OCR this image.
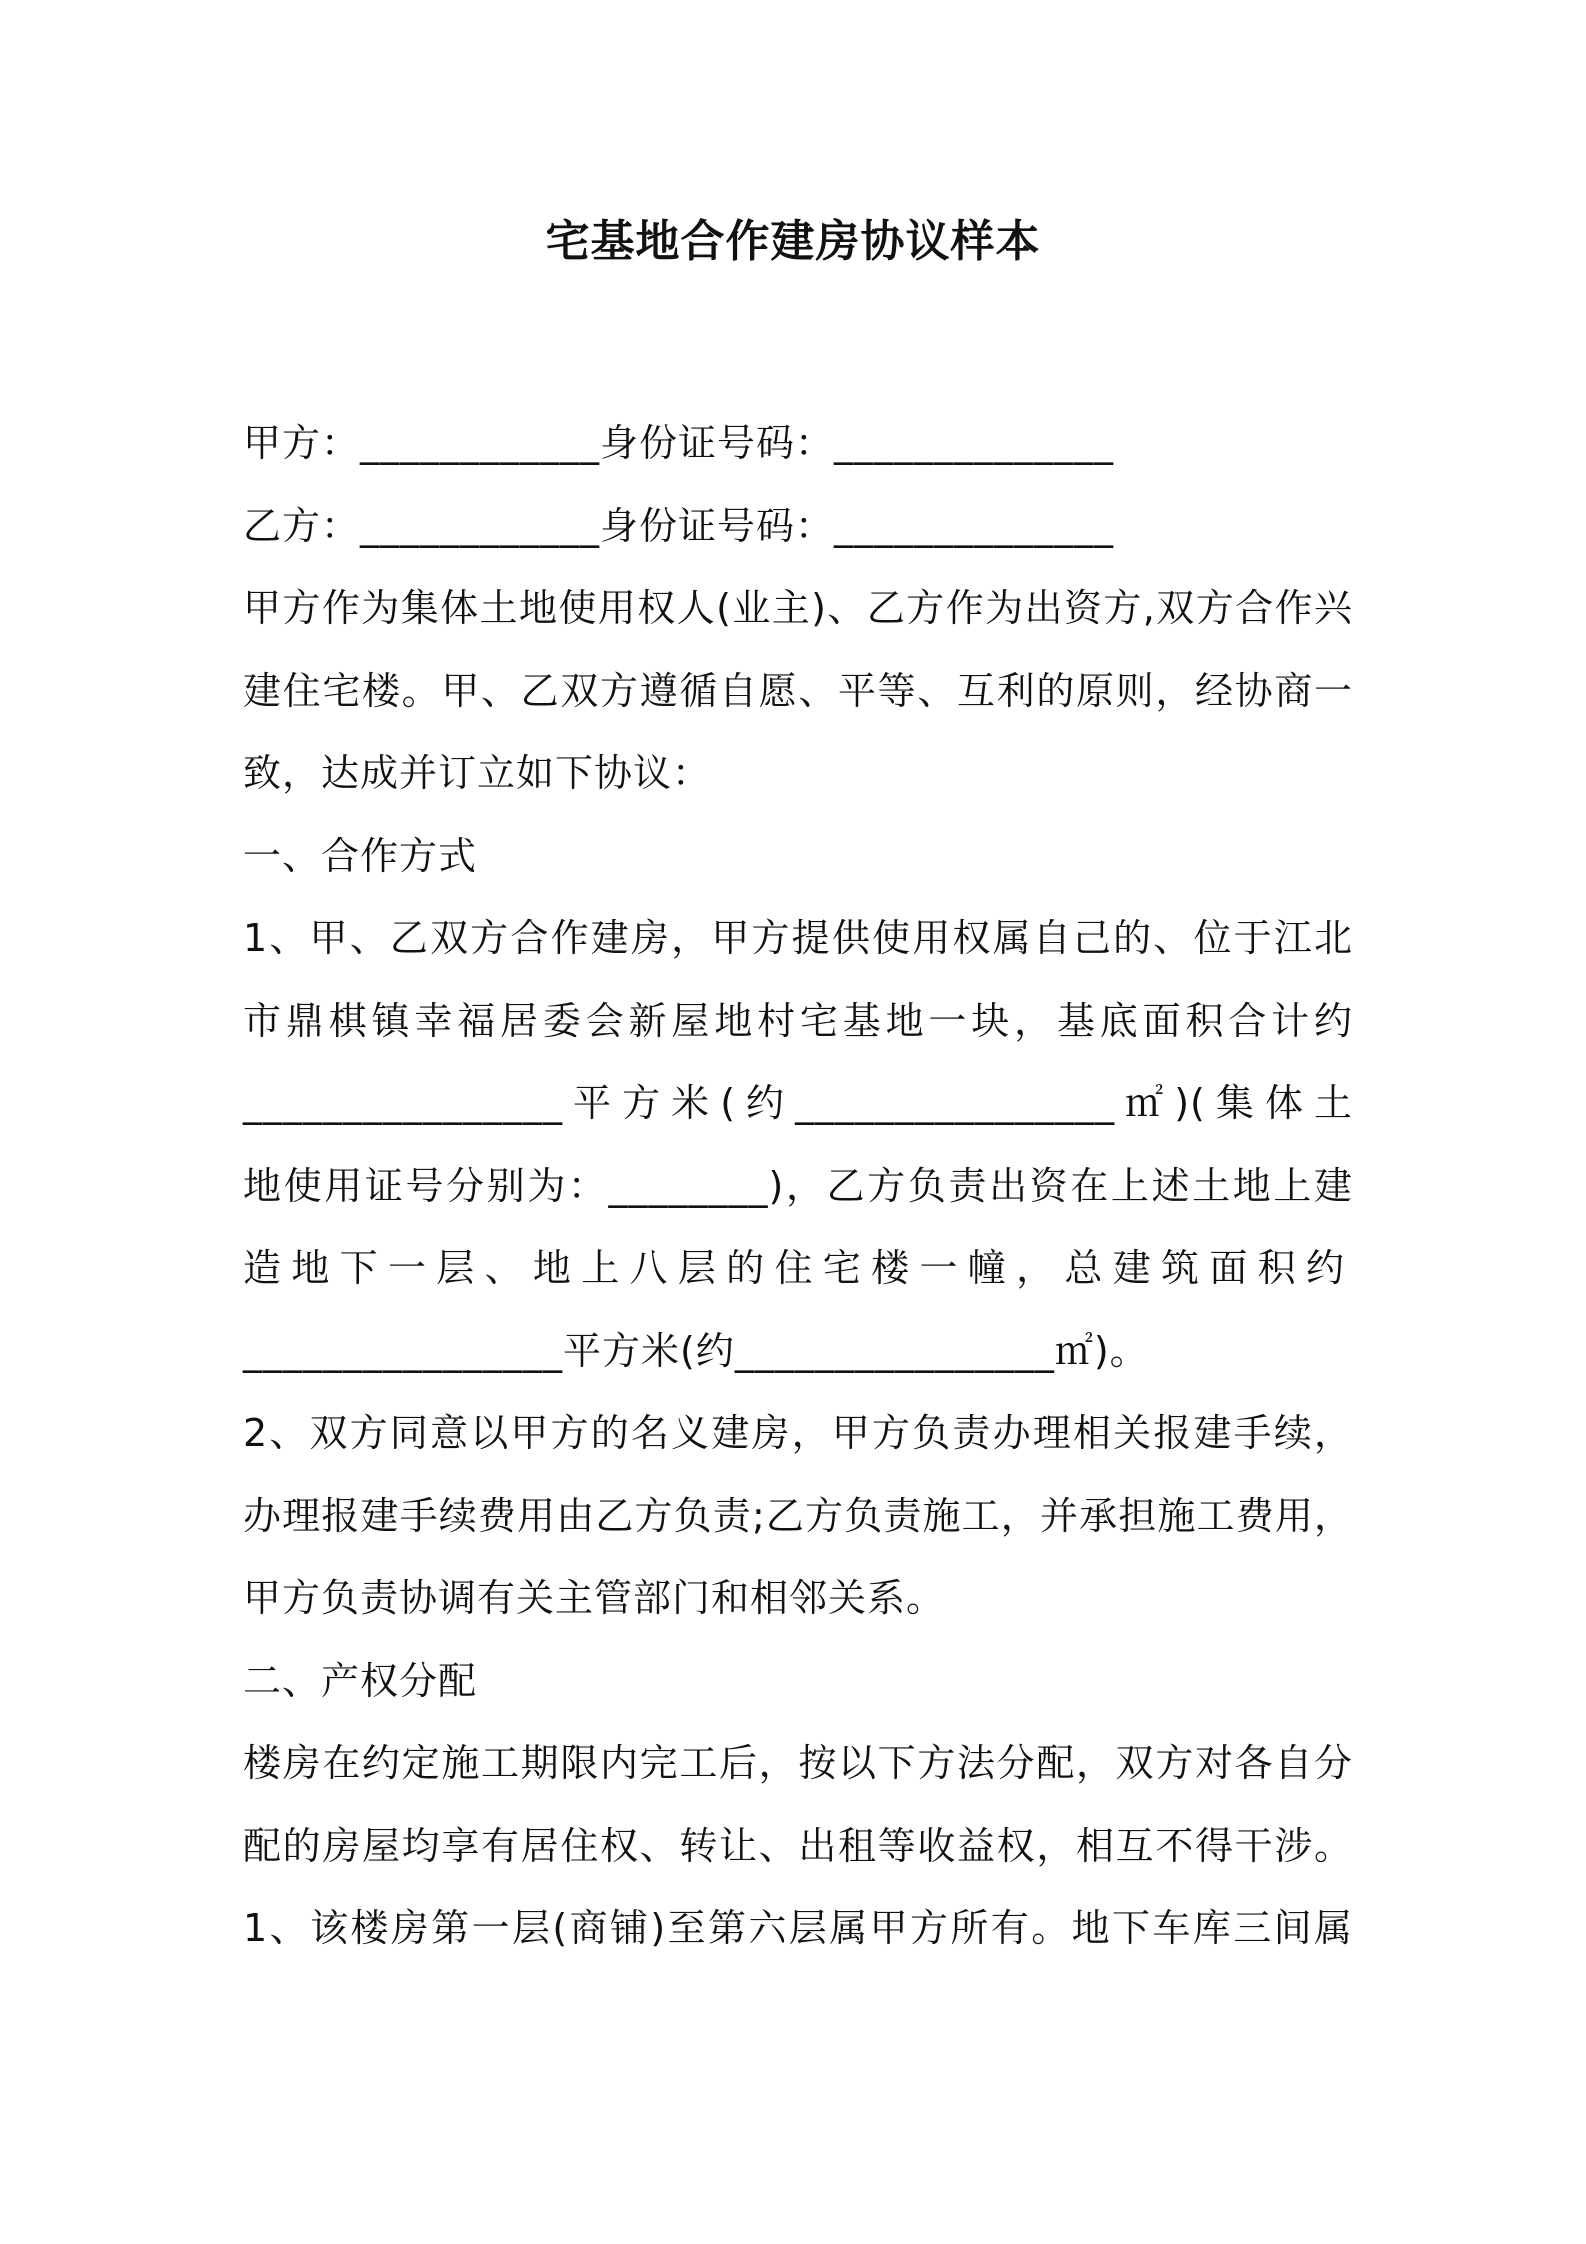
宅基地合作建房协议样本
甲方：____________身份证号码：______________
乙方：____________身份证号码：______________
甲方作为集体土地使用权人(业主)、乙方作为出资方,双方合作兴
建住宅楼。甲、乙双方遵循自愿、平等、互利的原则，经协商一
致，达成并订立如下协议：
一、合作方式
1、甲、乙双方合作建房，甲方提供使用权属自己的、位于江北
市鼎棋镇幸福居委会新屋地村宅基地一块，基底面积合计约
________________平方米(约________________㎡)(集体土
地使用证号分别为：________)，乙方负责出资在上述土地上建
造地下一层、地上八层的住宅楼一幢，总建筑面积约
________________平方米(约________________㎡)。
2、双方同意以甲方的名义建房，甲方负责办理相关报建手续，
办理报建手续费用由乙方负责;乙方负责施工，并承担施工费用，
甲方负责协调有关主管部门和相邻关系。
二、产权分配
楼房在约定施工期限内完工后，按以下方法分配，双方对各自分
配的房屋均享有居住权、转让、出租等收益权，相互不得干涉。
1、该楼房第一层(商铺)至第六层属甲方所有。地下车库三间属
